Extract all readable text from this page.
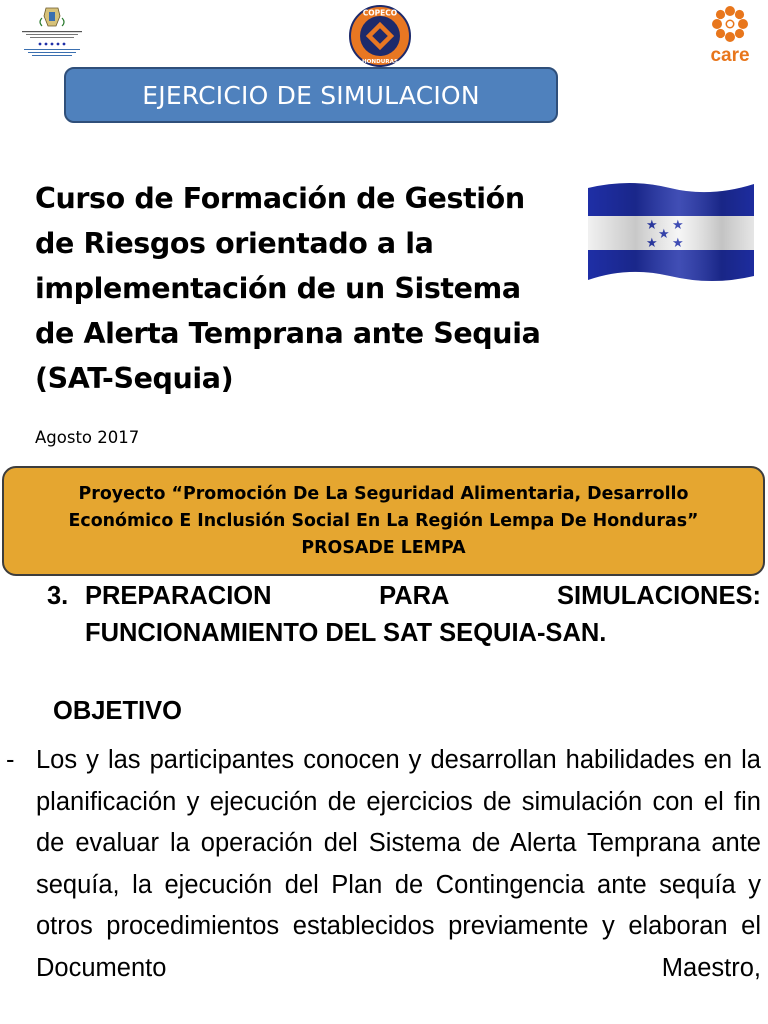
COPECO
HONDURAS	care
EJERCICIO DE SIMULACION
Curso de Formación de Gestión
de Riesgos orientado a la
implementación de un Sistema
de Alerta Temprana ante Sequia
(SAT-Sequia)
Agosto 2017
Proyecto “Promoción De La Seguridad Alimentaria, Desarrollo
Económico E Inclusión Social En La Región Lempa De Honduras”
PROSADE LEMPA
3. PREPARACION	PARA	SIMULACIONES:
FUNCIONAMIENTO DEL SAT SEQUIA-SAN.
OBJETIVO
- Los y las participantes conocen y desarrollan habilidades en la planificación y ejecución de ejercicios de simulación con el fin de evaluar la operación del Sistema de Alerta Temprana ante sequía, la ejecución del Plan de Contingencia ante sequía y otros procedimientos establecidos previamente y elaboran el Documento Maestro,
